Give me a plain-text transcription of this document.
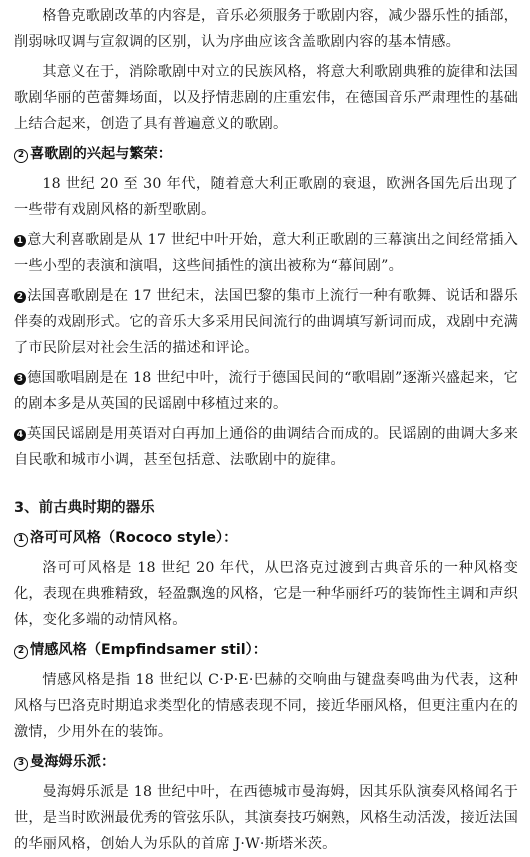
格鲁克歌剧改革的内容是，音乐必须服务于歌剧内容，减少器乐性的插部，削弱咏叹调与宣叙调的区别，认为序曲应该含盖歌剧内容的基本情感。

其意义在于，消除歌剧中对立的民族风格，将意大利歌剧典雅的旋律和法国歌剧华丽的芭蕾舞场面，以及抒情悲剧的庄重宏伟，在德国音乐严肃理性的基础上结合起来，创造了具有普遍意义的歌剧。

2 喜歌剧的兴起与繁荣：

18 世纪 20 至 30 年代，随着意大利正歌剧的衰退，欧洲各国先后出现了一些带有戏剧风格的新型歌剧。

1 意大利喜歌剧是从 17 世纪中叶开始，意大利正歌剧的三幕演出之间经常插入一些小型的表演和演唱，这些间插性的演出被称为“幕间剧”。

2 法国喜歌剧是在 17 世纪末，法国巴黎的集市上流行一种有歌舞、说话和器乐伴奏的戏剧形式。它的音乐大多采用民间流行的曲调填写新词而成，戏剧中充满了市民阶层对社会生活的描述和评论。

3 德国歌唱剧是在 18 世纪中叶，流行于德国民间的“歌唱剧”逐渐兴盛起来，它的剧本多是从英国的民谣剧中移植过来的。

4 英国民谣剧是用英语对白再加上通俗的曲调结合而成的。民谣剧的曲调大多来自民歌和城市小调，甚至包括意、法歌剧中的旋律。

3、前古典时期的器乐

1 洛可可风格（Rococo style）：

洛可可风格是 18 世纪 20 年代，从巴洛克过渡到古典音乐的一种风格变化，表现在典雅精致，轻盈飘逸的风格，它是一种华丽纤巧的装饰性主调和声织体，变化多端的动情风格。

2 情感风格（Empfindsamer stil）：

情感风格是指 18 世纪以 C·P·E·巴赫的交响曲与键盘奏鸣曲为代表，这种风格与巴洛克时期追求类型化的情感表现不同，接近华丽风格，但更注重内在的激情，少用外在的装饰。

3 曼海姆乐派：

曼海姆乐派是 18 世纪中叶，在西德城市曼海姆，因其乐队演奏风格闻名于世，是当时欧洲最优秀的管弦乐队，其演奏技巧娴熟，风格生动活泼，接近法国的华丽风格，创始人为乐队的首席 J·W·斯塔米茨。
